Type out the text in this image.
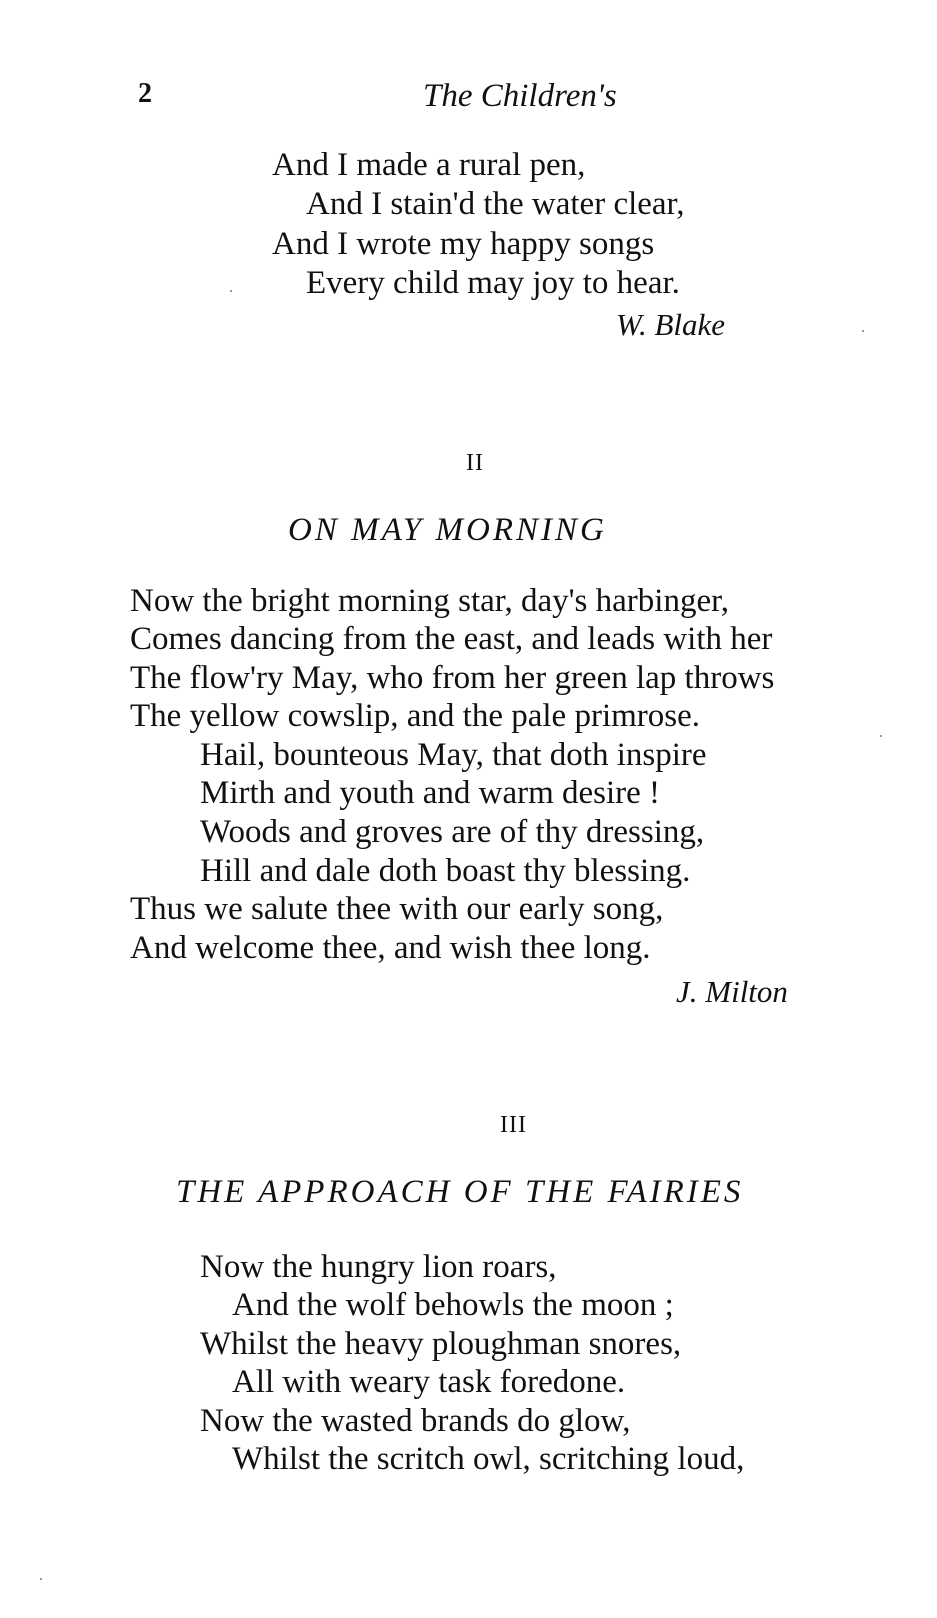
2	The Children's
And I made a rural pen,
And I stain'd the water clear,
And I wrote my happy songs
Every child may joy to hear.
W. Blake
II
ON MAY MORNING
Now the bright morning star, day's harbinger,
Comes dancing from the east, and leads with her
The flow'ry May, who from her green lap throws
The yellow cowslip, and the pale primrose.
Hail, bounteous May, that doth inspire
Mirth and youth and warm desire !
Woods and groves are of thy dressing,
Hill and dale doth boast thy blessing.
Thus we salute thee with our early song,
And welcome thee, and wish thee long.
J. Milton
III
THE APPROACH OF THE FAIRIES
Now the hungry lion roars,
And the wolf behowls the moon ;
Whilst the heavy ploughman snores,
All with weary task foredone.
Now the wasted brands do glow,
Whilst the scritch owl, scritching loud,
